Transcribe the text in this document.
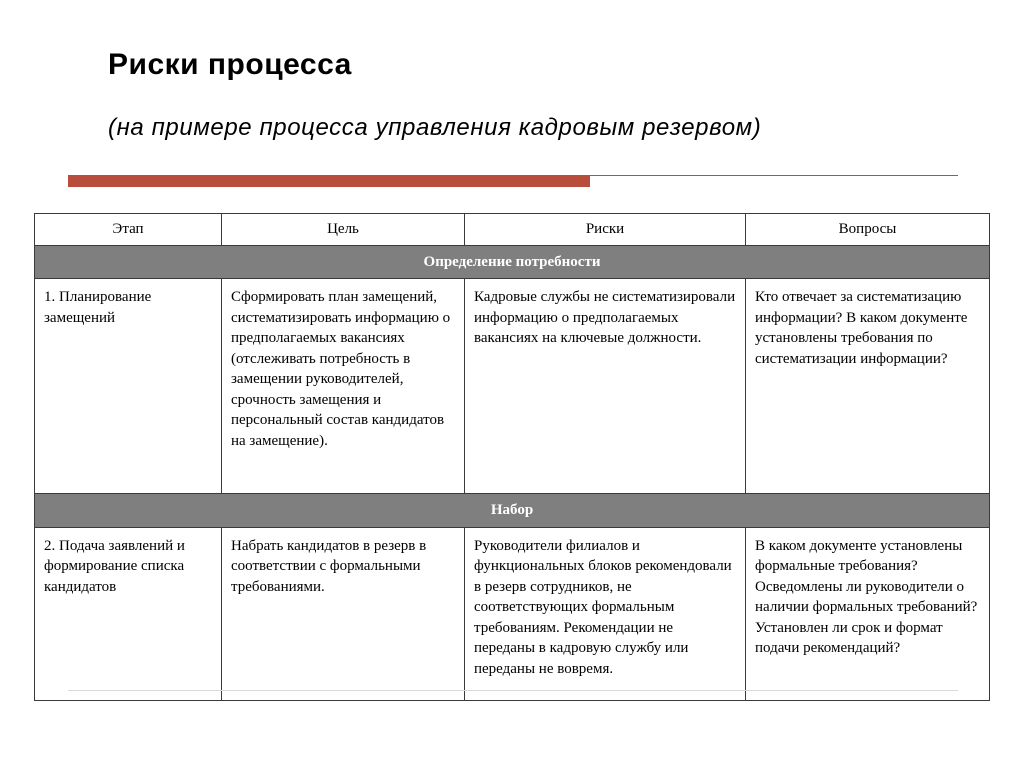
Риски процесса
(на примере процесса управления кадровым резервом)
Этап	Цель	Риски	Вопросы
Определение потребности			
1. Планирование замещений	Сформировать план замещений, систематизировать информацию о предполагаемых вакансиях (отслеживать потребность в замещении руководителей, срочность замещения и персональный состав кандидатов на замещение).	Кадровые службы не систематизировали информацию о предполагаемых вакансиях на ключевые должности.	Кто отвечает за систематизацию информации? В каком документе установлены требования по систематизации информации?
Набор			
2. Подача заявлений и формирование списка кандидатов	Набрать кандидатов в резерв в соответствии с формальными требованиями.	Руководители филиалов и функциональных блоков рекомендовали в резерв сотрудников, не соответствующих формальным требованиям. Рекомендации не переданы в кадровую службу или переданы не вовремя.	В каком документе установлены формальные требования? Осведомлены ли руководители о наличии формальных требований? Установлен ли срок и формат подачи рекомендаций?
